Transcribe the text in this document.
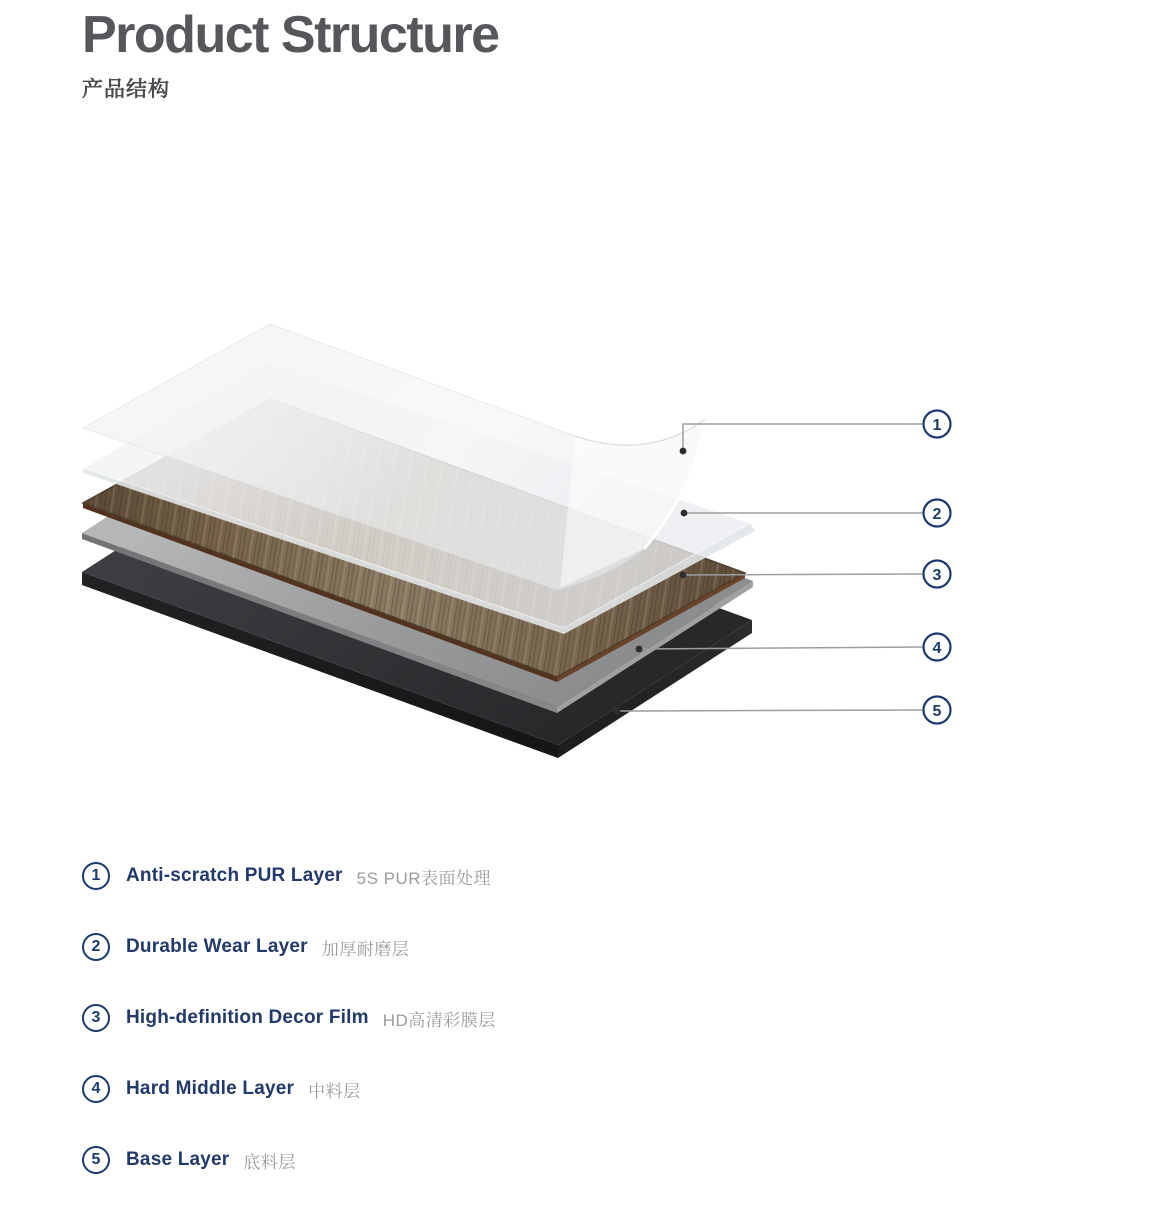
Product Structure
产品结构
1
2
3
4
5
1	Anti-scratch PUR Layer 5S PUR表面处理
2	Durable Wear Layer 加厚耐磨层
3	High-definition Decor Film HD高清彩膜层
4	Hard Middle Layer 中料层
5	Base Layer 底料层
